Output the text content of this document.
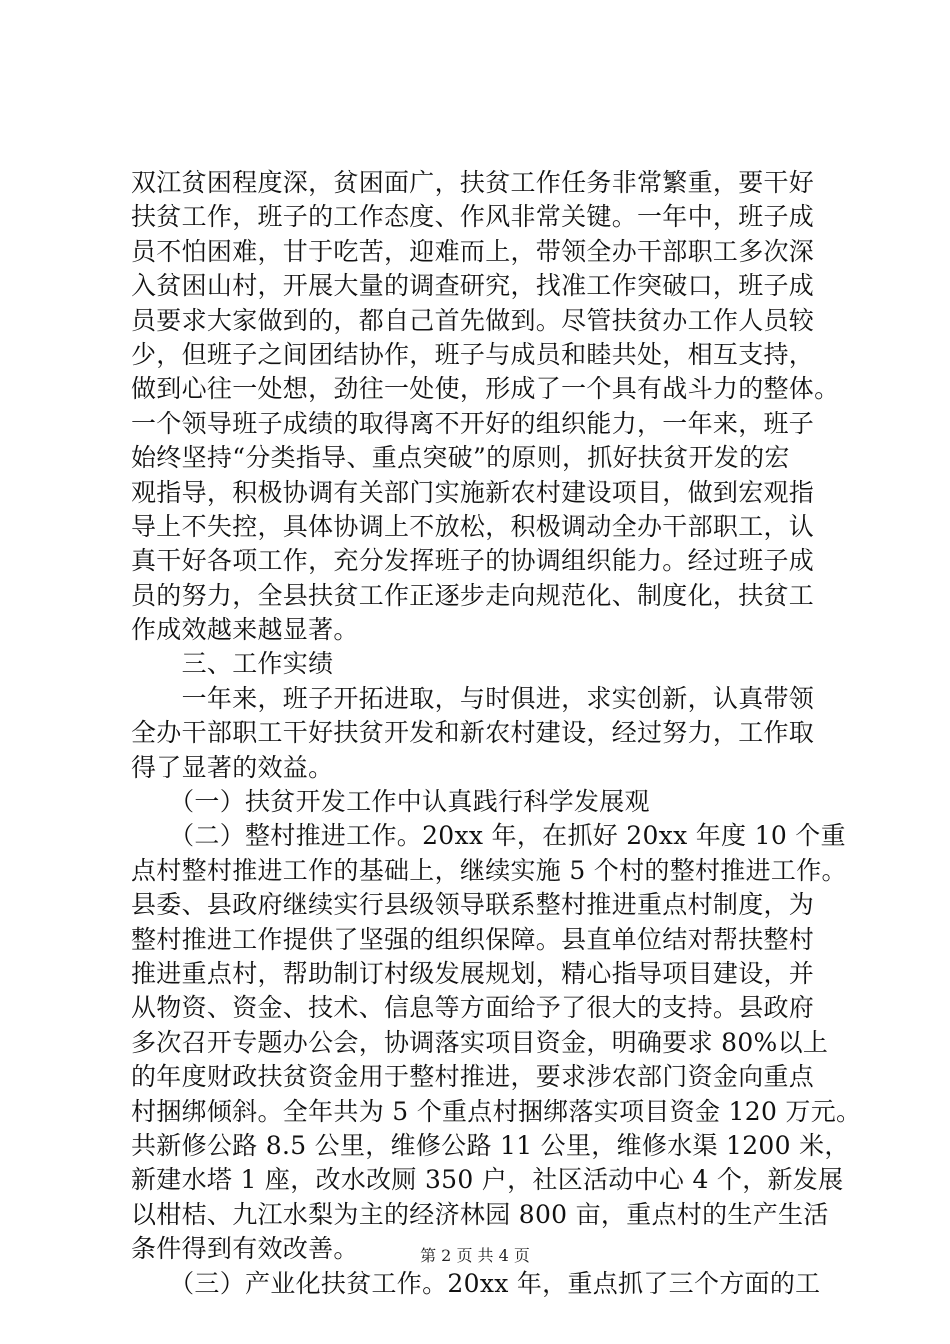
双江贫困程度深，贫困面广，扶贫工作任务非常繁重，要干好
扶贫工作，班子的工作态度、作风非常关键。一年中，班子成
员不怕困难，甘于吃苦，迎难而上，带领全办干部职工多次深
入贫困山村，开展大量的调查研究，找准工作突破口，班子成
员要求大家做到的，都自己首先做到。尽管扶贫办工作人员较
少，但班子之间团结协作，班子与成员和睦共处，相互支持，
做到心往一处想，劲往一处使，形成了一个具有战斗力的整体。
一个领导班子成绩的取得离不开好的组织能力，一年来，班子
始终坚持“分类指导、重点突破”的原则，抓好扶贫开发的宏
观指导，积极协调有关部门实施新农村建设项目，做到宏观指
导上不失控，具体协调上不放松，积极调动全办干部职工，认
真干好各项工作，充分发挥班子的协调组织能力。经过班子成
员的努力，全县扶贫工作正逐步走向规范化、制度化，扶贫工
作成效越来越显著。
　　三、工作实绩
　　一年来，班子开拓进取，与时俱进，求实创新，认真带领
全办干部职工干好扶贫开发和新农村建设，经过努力，工作取
得了显著的效益。
　　（一）扶贫开发工作中认真践行科学发展观
　　（二）整村推进工作。20xx 年，在抓好 20xx 年度 10 个重
点村整村推进工作的基础上，继续实施 5 个村的整村推进工作。
县委、县政府继续实行县级领导联系整村推进重点村制度，为
整村推进工作提供了坚强的组织保障。县直单位结对帮扶整村
推进重点村，帮助制订村级发展规划，精心指导项目建设，并
从物资、资金、技术、信息等方面给予了很大的支持。县政府
多次召开专题办公会，协调落实项目资金，明确要求 80%以上
的年度财政扶贫资金用于整村推进，要求涉农部门资金向重点
村捆绑倾斜。全年共为 5 个重点村捆绑落实项目资金 120 万元。
共新修公路 8.5 公里，维修公路 11 公里，维修水渠 1200 米，
新建水塔 1 座，改水改厕 350 户，社区活动中心 4 个，新发展
以柑桔、九江水梨为主的经济林园 800 亩，重点村的生产生活
条件得到有效改善。
　　（三）产业化扶贫工作。20xx 年，重点抓了三个方面的工
第 2 页 共 4 页
